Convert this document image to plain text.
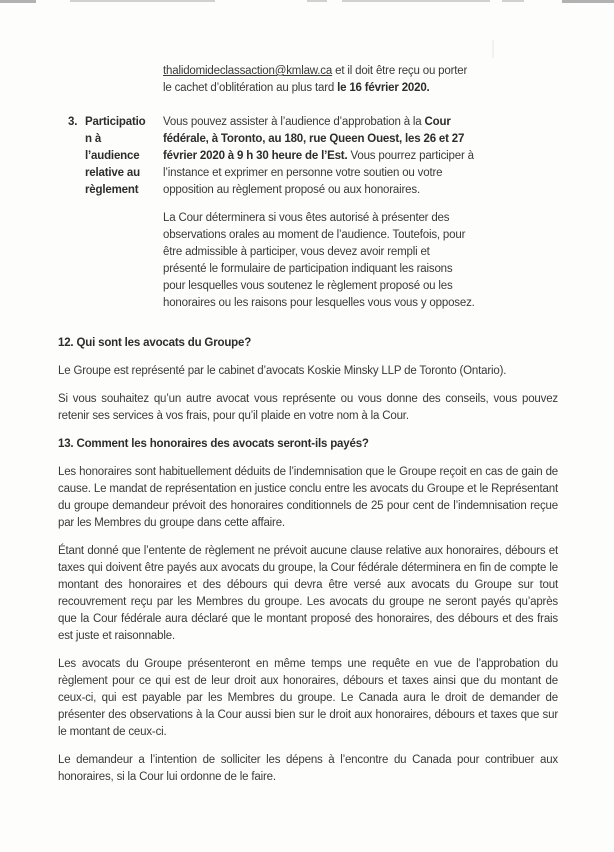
thalidomideclassaction@kmlaw.ca et il doit être reçu ou porter le cachet d’oblitération au plus tard le 16 février 2020.

3. Participatio
n à
l’audience
relative au
règlement

Vous pouvez assister à l’audience d’approbation à la Cour fédérale, à Toronto, au 180, rue Queen Ouest, les 26 et 27 février 2020 à 9 h 30 heure de l’Est. Vous pourrez participer à l’instance et exprimer en personne votre soutien ou votre opposition au règlement proposé ou aux honoraires.

La Cour déterminera si vous êtes autorisé à présenter des observations orales au moment de l’audience. Toutefois, pour être admissible à participer, vous devez avoir rempli et présenté le formulaire de participation indiquant les raisons pour lesquelles vous soutenez le règlement proposé ou les honoraires ou les raisons pour lesquelles vous vous y opposez.

12. Qui sont les avocats du Groupe?

Le Groupe est représenté par le cabinet d’avocats Koskie Minsky LLP de Toronto (Ontario).

Si vous souhaitez qu’un autre avocat vous représente ou vous donne des conseils, vous pouvez retenir ses services à vos frais, pour qu’il plaide en votre nom à la Cour.

13. Comment les honoraires des avocats seront-ils payés?

Les honoraires sont habituellement déduits de l’indemnisation que le Groupe reçoit en cas de gain de cause. Le mandat de représentation en justice conclu entre les avocats du Groupe et le Représentant du groupe demandeur prévoit des honoraires conditionnels de 25 pour cent de l’indemnisation reçue par les Membres du groupe dans cette affaire.

Étant donné que l’entente de règlement ne prévoit aucune clause relative aux honoraires, débours et taxes qui doivent être payés aux avocats du groupe, la Cour fédérale déterminera en fin de compte le montant des honoraires et des débours qui devra être versé aux avocats du Groupe sur tout recouvrement reçu par les Membres du groupe. Les avocats du groupe ne seront payés qu’après que la Cour fédérale aura déclaré que le montant proposé des honoraires, des débours et des frais est juste et raisonnable.

Les avocats du Groupe présenteront en même temps une requête en vue de l’approbation du règlement pour ce qui est de leur droit aux honoraires, débours et taxes ainsi que du montant de ceux-ci, qui est payable par les Membres du groupe. Le Canada aura le droit de demander de présenter des observations à la Cour aussi bien sur le droit aux honoraires, débours et taxes que sur le montant de ceux-ci.

Le demandeur a l’intention de solliciter les dépens à l’encontre du Canada pour contribuer aux honoraires, si la Cour lui ordonne de le faire.
